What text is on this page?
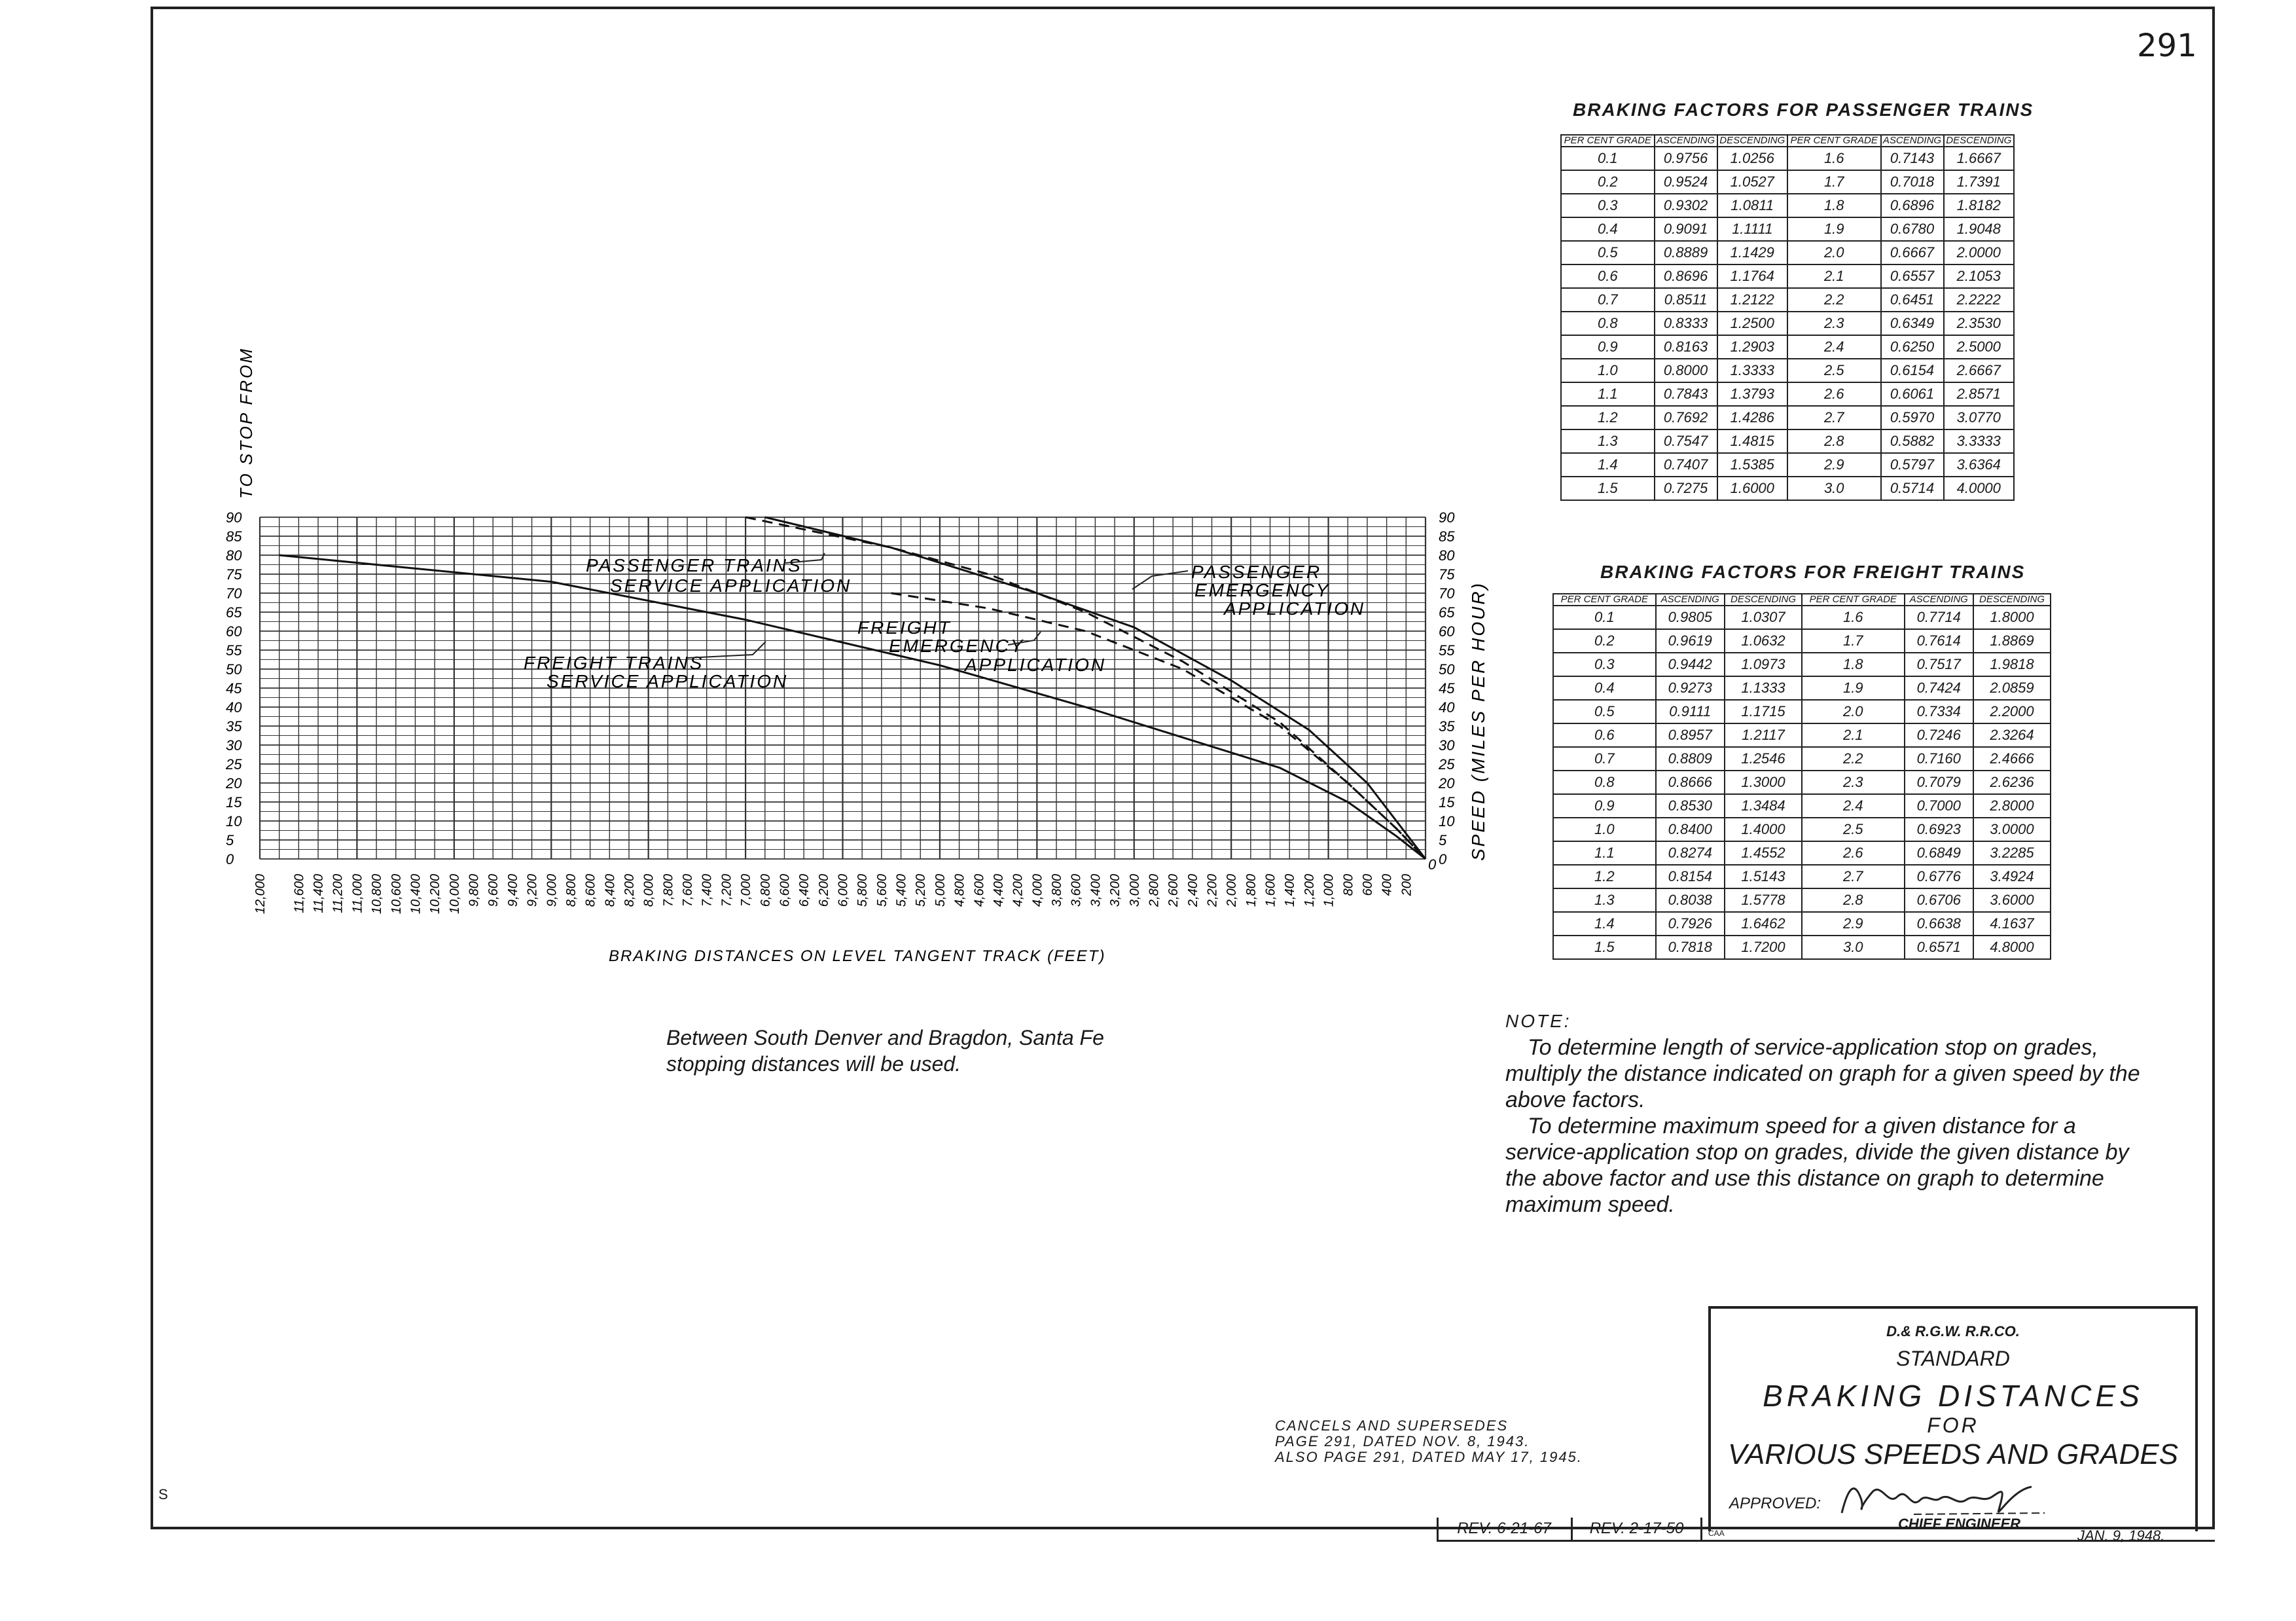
291
BRAKING FACTORS FOR PASSENGER TRAINS
PER CENT GRADE	ASCENDING	DESCENDING	PER CENT GRADE	ASCENDING	DESCENDING
0.1	0.9756	1.0256	1.6	0.7143	1.6667
0.2	0.9524	1.0527	1.7	0.7018	1.7391
0.3	0.9302	1.0811	1.8	0.6896	1.8182
0.4	0.9091	1.1111	1.9	0.6780	1.9048
0.5	0.8889	1.1429	2.0	0.6667	2.0000
0.6	0.8696	1.1764	2.1	0.6557	2.1053
0.7	0.8511	1.2122	2.2	0.6451	2.2222
0.8	0.8333	1.2500	2.3	0.6349	2.3530
0.9	0.8163	1.2903	2.4	0.6250	2.5000
1.0	0.8000	1.3333	2.5	0.6154	2.6667
1.1	0.7843	1.3793	2.6	0.6061	2.8571
1.2	0.7692	1.4286	2.7	0.5970	3.0770
1.3	0.7547	1.4815	2.8	0.5882	3.3333
1.4	0.7407	1.5385	2.9	0.5797	3.6364
1.5	0.7275	1.6000	3.0	0.5714	4.0000
BRAKING FACTORS FOR FREIGHT TRAINS
PER CENT GRADE	ASCENDING	DESCENDING	PER CENT GRADE	ASCENDING	DESCENDING
0.1	0.9805	1.0307	1.6	0.7714	1.8000
0.2	0.9619	1.0632	1.7	0.7614	1.8869
0.3	0.9442	1.0973	1.8	0.7517	1.9818
0.4	0.9273	1.1333	1.9	0.7424	2.0859
0.5	0.9111	1.1715	2.0	0.7334	2.2000
0.6	0.8957	1.2117	2.1	0.7246	2.3264
0.7	0.8809	1.2546	2.2	0.7160	2.4666
0.8	0.8666	1.3000	2.3	0.7079	2.6236
0.9	0.8530	1.3484	2.4	0.7000	2.8000
1.0	0.8400	1.4000	2.5	0.6923	3.0000
1.1	0.8274	1.4552	2.6	0.6849	3.2285
1.2	0.8154	1.5143	2.7	0.6776	3.4924
1.3	0.8038	1.5778	2.8	0.6706	3.6000
1.4	0.7926	1.6462	2.9	0.6638	4.1637
1.5	0.7818	1.7200	3.0	0.6571	4.8000
0	0
5	5
10	10
15	15
20	20
25	25
30	30
35	35
40	40
45	45
50	50
55	55
60	60
65	65
70	70
75	75
80	80
85	85
90	90
12,000 11,600 11,400 11,200 11,000 10,800 10,600 10,400 10,200 10,000 9,800 9,600 9,400 9,200 9,000 8,800 8,600 8,400 8,200 8,000 7,800 7,600 7,400 7,200 7,000 6,800 6,600 6,400 6,200 6,000 5,800 5,600 5,400 5,200 5,000 4,800 4,600 4,400 4,200 4,000 3,800 3,600 3,400 3,200 3,000 2,800 2,600 2,400 2,200 2,000 1,800 1,600 1,400 1,200 1,000 800 600 400 200
0
TO STOP FROM
SPEED (MILES PER HOUR)
BRAKING DISTANCES ON LEVEL TANGENT TRACK (FEET)
PASSENGER TRAINS
SERVICE APPLICATION
PASSENGER
EMERGENCY
APPLICATION
FREIGHT
EMERGENCY
APPLICATION
FREIGHT TRAINS
SERVICE APPLICATION
Between South Denver and Bragdon, Santa Fe
stopping distances will be used.

NOTE:

To determine length of service-application stop on grades, multiply the distance indicated on graph for a given speed by the above factors.

To determine maximum speed for a given distance for a service-application stop on grades, divide the given distance by the above factor and use this distance on graph to determine maximum speed.

CANCELS AND SUPERSEDES
PAGE 291, DATED NOV. 8, 1943.
ALSO PAGE 291, DATED MAY 17, 1945.
D.& R.G.W. R.R.CO.
STANDARD
BRAKING DISTANCES
FOR
VARIOUS SPEEDS AND GRADES
APPROVED:
CHIEF ENGINEER
JAN. 9, 1948.
REV. 6-21-67	REV. 2-17-50
S
CAA
